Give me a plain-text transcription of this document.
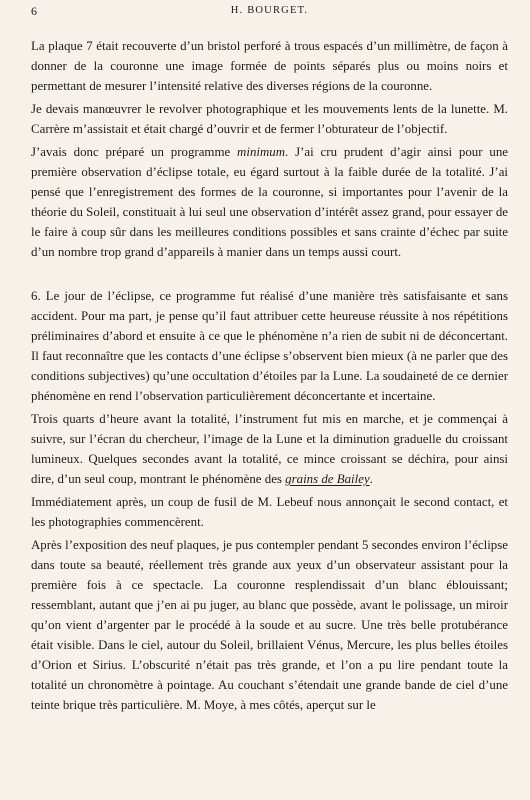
6	H. BOURGET.

La plaque 7 était recouverte d’un bristol perforé à trous espacés d’un millimètre, de façon à donner de la couronne une image formée de points séparés plus ou moins noirs et permettant de mesurer l’intensité relative des diverses régions de la couronne.

Je devais manœuvrer le revolver photographique et les mouvements lents de la lunette. M. Carrère m’assistait et était chargé d’ouvrir et de fermer l’obturateur de l’objectif.

J’avais donc préparé un programme minimum. J’ai cru prudent d’agir ainsi pour une première observation d’éclipse totale, eu égard surtout à la faible durée de la totalité. J’ai pensé que l’enregistrement des formes de la couronne, si importantes pour l’avenir de la théorie du Soleil, constituait à lui seul une observation d’intérêt assez grand, pour essayer de le faire à coup sûr dans les meilleures conditions possibles et sans crainte d’échec par suite d’un nombre trop grand d’appareils à manier dans un temps aussi court.

6. Le jour de l’éclipse, ce programme fut réalisé d’une manière très satisfaisante et sans accident. Pour ma part, je pense qu’il faut attribuer cette heureuse réussite à nos répétitions préliminaires d’abord et ensuite à ce que le phénomène n’a rien de subit ni de déconcertant. Il faut reconnaître que les contacts d’une éclipse s’observent bien mieux (à ne parler que des conditions subjectives) qu’une occultation d’étoiles par la Lune. La soudaineté de ce dernier phénomène en rend l’observation particulièrement déconcertante et incertaine.

Trois quarts d’heure avant la totalité, l’instrument fut mis en marche, et je commençai à suivre, sur l’écran du chercheur, l’image de la Lune et la diminution graduelle du croissant lumineux. Quelques secondes avant la totalité, ce mince croissant se déchira, pour ainsi dire, d’un seul coup, montrant le phénomène des grains de Bailey.

Immédiatement après, un coup de fusil de M. Lebeuf nous annonçait le second contact, et les photographies commencèrent.

Après l’exposition des neuf plaques, je pus contempler pendant 5 secondes environ l’éclipse dans toute sa beauté, réellement très grande aux yeux d’un observateur assistant pour la première fois à ce spectacle. La couronne resplendissait d’un blanc éblouissant; ressemblant, autant que j’en ai pu juger, au blanc que possède, avant le polissage, un miroir qu’on vient d’argenter par le procédé à la soude et au sucre. Une très belle protubérance était visible. Dans le ciel, autour du Soleil, brillaient Vénus, Mercure, les plus belles étoiles d’Orion et Sirius. L’obscurité n’était pas très grande, et l’on a pu lire pendant toute la totalité un chronomètre à pointage. Au couchant s’étendait une grande bande de ciel d’une teinte brique très particulière. M. Moye, à mes côtés, aperçut sur le
